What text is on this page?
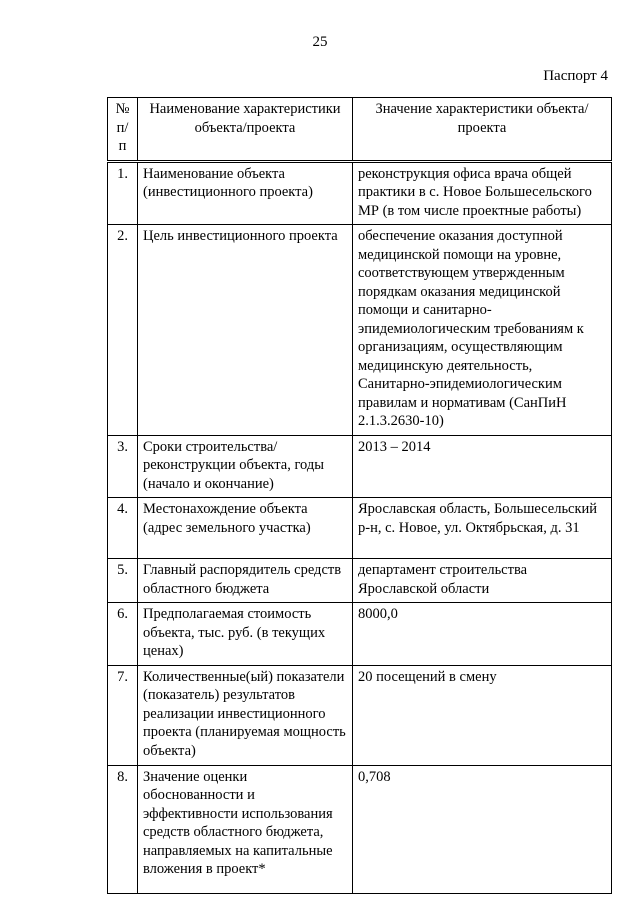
25
Паспорт 4
№ п/п	Наименование характеристики объекта/проекта	Значение характеристики объекта/проекта
1.	Наименование объекта (инвестиционного проекта)	реконструкция офиса врача общей практики в с. Новое Большесельского МР (в том числе проектные работы)
2.	Цель инвестиционного проекта	обеспечение оказания доступной медицинской помощи на уровне, соответствующем утвержденным порядкам оказания медицинской помощи и санитарно-эпидемиологическим требованиям к организациям, осуществляющим медицинскую деятельность, Санитарно-эпидемиологическим правилам и нормативам (СанПиН 2.1.3.2630-10)
3.	Сроки строительства/реконструкции объекта, годы (начало и окончание)	2013 – 2014
4.	Местонахождение объекта (адрес земельного участка)	Ярославская область, Большесельский р-н, с. Новое, ул. Октябрьская, д. 31
5.	Главный распорядитель средств областного бюджета	департамент строительства Ярославской области
6.	Предполагаемая стоимость объекта, тыс. руб. (в текущих ценах)	8000,0
7.	Количественные(ый) показатели (показатель) результатов реализации инвестиционного проекта (планируемая мощность объекта)	20 посещений в смену
8.	Значение оценки обоснованности и эффективности использования средств областного бюджета, направляемых на капитальные вложения в проект*	0,708
